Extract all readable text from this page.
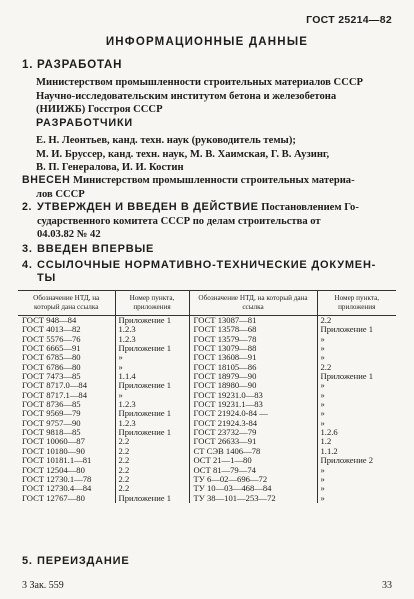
ГОСТ 25214—82
ИНФОРМАЦИОННЫЕ ДАННЫЕ
1. РАЗРАБОТАН
Министерством промышленности строительных материалов СССР
Научно-исследовательским институтом бетона и железобетона
(НИИЖБ) Госстроя СССР
РАЗРАБОТЧИКИ
Е. Н. Леонтьев, канд. техн. наук (руководитель темы);
М. И. Бруссер, канд. техн. наук, М. В. Хаимская, Г. В. Аузинг,
В. П. Генералова, И. И. Костин
ВНЕСЕН Министерством промышленности строительных материа-
лов СССР
2. УТВЕРЖДЕН И ВВЕДЕН В ДЕЙСТВИЕ Постановлением Го-
сударственного комитета СССР по делам строительства от
04.03.82 № 42
3. ВВЕДЕН ВПЕРВЫЕ
4. ССЫЛОЧНЫЕ НОРМАТИВНО-ТЕХНИЧЕСКИЕ ДОКУМЕН-
ТЫ
Обозначение НТД, на который дана ссылка	Номер пункта, приложения	Обозначение НТД, на который дана ссылка	Номер пункта, приложения
ГОСТ 948—84	Приложение 1	ГОСТ 13087—81	2.2
ГОСТ 4013—82	1.2.3	ГОСТ 13578—68	Приложение 1
ГОСТ 5576—76	1.2.3	ГОСТ 13579—78	»
ГОСТ 6665—91	Приложение 1	ГОСТ 13079—88	»
ГОСТ 6785—80	»	ГОСТ 13608—91	»
ГОСТ 6786—80	»	ГОСТ 18105—86	2.2
ГОСТ 7473—85	1.1.4	ГОСТ 18979—90	Приложение 1
ГОСТ 8717.0—84	Приложение 1	ГОСТ 18980—90	»
ГОСТ 8717.1—84	»	ГОСТ 19231.0—83	»
ГОСТ 8736—85	1.2.3	ГОСТ 19231.1—83	»
ГОСТ 9569—79	Приложение 1	ГОСТ 21924.0-84 —	»
ГОСТ 9757—90	1.2.3	ГОСТ 21924.3-84	»
ГОСТ 9818—85	Приложение 1	ГОСТ 23732—79	1.2.6
ГОСТ 10060—87	2.2	ГОСТ 26633—91	1.2
ГОСТ 10180—90	2.2	СТ СЭВ 1406—78	1.1.2
ГОСТ 10181.1—81	2.2	ОСТ 21—1—80	Приложение 2
ГОСТ 12504—80	2.2	ОСТ 81—79—74	»
ГОСТ 12730.1—78	2.2	ТУ 6—02—696—72	»
ГОСТ 12730.4—84	2.2	ТУ 10—03—468—84	»
ГОСТ 12767—80	Приложение 1	ТУ 38—101—253—72	»
5. ПЕРЕИЗДАНИЕ
3 Зак. 559	33
